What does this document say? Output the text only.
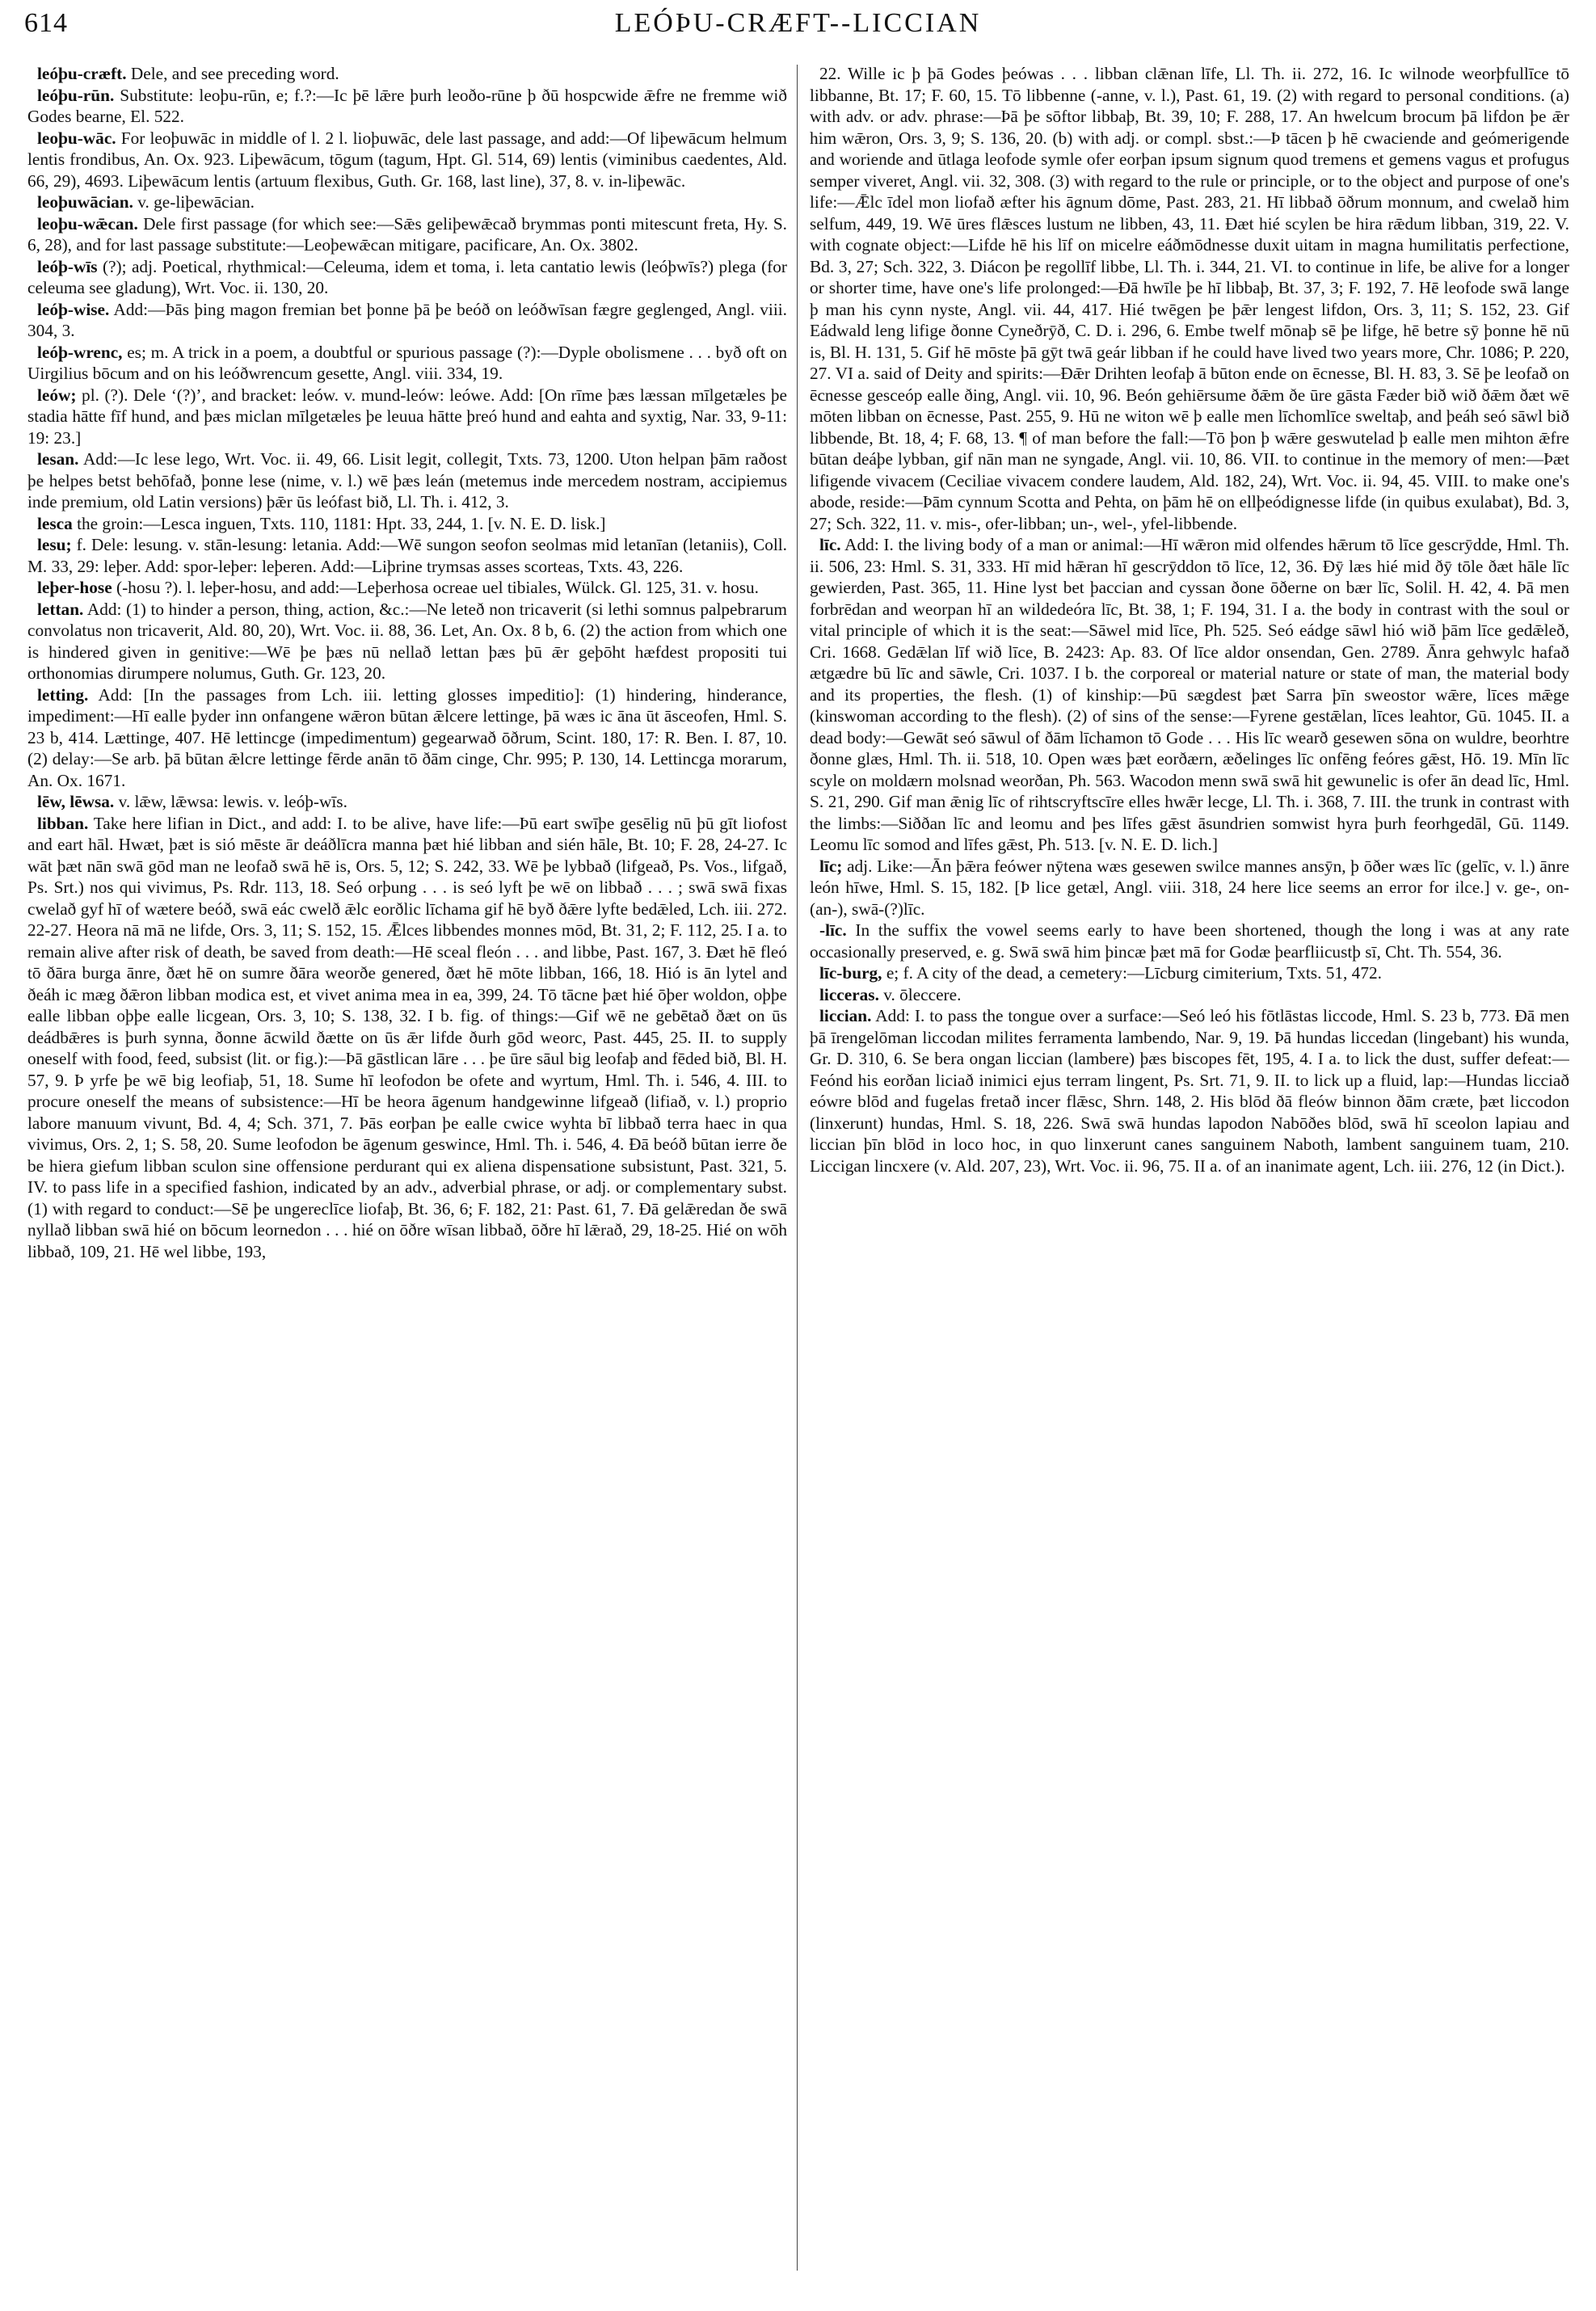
614	LEÓÞU-CRÆFT--LICCIAN

leóþu-cræft. Dele, and see preceding word.

leóþu-rūn. Substitute: leoþu-rūn, e; f.?:—Ic þē lǣre þurh leoðo-rūne þ ðū hospcwide ǣfre ne fremme wið Godes bearne, El. 522.

leoþu-wāc. For leoþuwāc in middle of l. 2 l. lioþuwāc, dele last passage, and add:—Of liþewācum helmum lentis frondibus, An. Ox. 923. Liþewācum, tōgum (tagum, Hpt. Gl. 514, 69) lentis (viminibus caedentes, Ald. 66, 29), 4693. Liþewācum lentis (artuum flexibus, Guth. Gr. 168, last line), 37, 8. v. in-liþewāc.

leoþuwācian. v. ge-liþewācian.

leoþu-wǣcan. Dele first passage (for which see:—Sǣs geliþewǣcað brymmas ponti mitescunt freta, Hy. S. 6, 28), and for last passage substitute:—Leoþewǣcan mitigare, pacificare, An. Ox. 3802.

leóþ-wīs (?); adj. Poetical, rhythmical:—Celeuma, idem et toma, i. leta cantatio lewis (leóþwīs?) plega (for celeuma see gladung), Wrt. Voc. ii. 130, 20.

leóþ-wise. Add:—Þās þing magon fremian bet þonne þā þe beóð on leóðwīsan fægre geglenged, Angl. viii. 304, 3.

leóþ-wrenc, es; m. A trick in a poem, a doubtful or spurious passage (?):—Dyple obolismene . . . byð oft on Uirgilius bōcum and on his leóðwrencum gesette, Angl. viii. 334, 19.

leów; pl. (?). Dele ‘(?)’, and bracket: leów. v. mund-leów: leówe. Add: [On rīme þæs læssan mīlgetæles þe stadia hātte fīf hund, and þæs miclan mīlgetæles þe leuua hātte þreó hund and eahta and syxtig, Nar. 33, 9-11: 19: 23.]

lesan. Add:—Ic lese lego, Wrt. Voc. ii. 49, 66. Lisit legit, collegit, Txts. 73, 1200. Uton helpan þām raðost þe helpes betst behōfað, þonne lese (nime, v. l.) wē þæs leán (metemus inde mercedem nostram, accipiemus inde premium, old Latin versions) þǣr ūs leófast bið, Ll. Th. i. 412, 3.

lesca the groin:—Lesca inguen, Txts. 110, 1181: Hpt. 33, 244, 1. [v. N. E. D. lisk.]

lesu; f. Dele: lesung. v. stān-lesung: letania. Add:—Wē sungon seofon seolmas mid letanīan (letaniis), Coll. M. 33, 29: leþer. Add: spor-leþer: leþeren. Add:—Liþrine trymsas asses scorteas, Txts. 43, 226.

leþer-hose (-hosu ?). l. leþer-hosu, and add:—Leþerhosa ocreae uel tibiales, Wülck. Gl. 125, 31. v. hosu.

lettan. Add: (1) to hinder a person, thing, action, &c.:—Ne leteð non tricaverit (si lethi somnus palpebrarum convolatus non tricaverit, Ald. 80, 20), Wrt. Voc. ii. 88, 36. Let, An. Ox. 8 b, 6. (2) the action from which one is hindered given in genitive:—Wē þe þæs nū nellað lettan þæs þū ǣr geþōht hæfdest propositi tui orthonomias dirumpere nolumus, Guth. Gr. 123, 20.

letting. Add: [In the passages from Lch. iii. letting glosses impeditio]: (1) hindering, hinderance, impediment:—Hī ealle þyder inn onfangene wǣron būtan ǣlcere lettinge, þā wæs ic āna ūt āsceofen, Hml. S. 23 b, 414. Lættinge, 407. Hē lettincge (impedimentum) gegearwað ōðrum, Scint. 180, 17: R. Ben. I. 87, 10. (2) delay:—Se arb. þā būtan ǣlcre lettinge fērde anān tō ðām cinge, Chr. 995; P. 130, 14. Lettincga morarum, An. Ox. 1671.

lēw, lēwsa. v. lǣw, lǣwsa: lewis. v. leóþ-wīs.

libban. Take here lifian in Dict., and add: I. to be alive, have life:—Þū eart swīþe gesēlig nū þū gīt liofost and eart hāl. Hwæt, þæt is sió mēste ār deáðlīcra manna þæt hié libban and sién hāle, Bt. 10; F. 28, 24-27. Ic wāt þæt nān swā gōd man ne leofað swā hē is, Ors. 5, 12; S. 242, 33. Wē þe lybbað (lifgeað, Ps. Vos., lifgað, Ps. Srt.) nos qui vivimus, Ps. Rdr. 113, 18. Seó orþung . . . is seó lyft þe wē on libbað . . . ; swā swā fixas cwelað gyf hī of wætere beóð, swā eác cwelð ǣlc eorðlic līchama gif hē byð ðǣre lyfte bedǣled, Lch. iii. 272. 22-27. Heora nā mā ne lifde, Ors. 3, 11; S. 152, 15. Ǣlces libbendes monnes mōd, Bt. 31, 2; F. 112, 25. I a. to remain alive after risk of death, be saved from death:—Hē sceal fleón . . . and libbe, Past. 167, 3. Ðæt hē fleó tō ðāra burga ānre, ðæt hē on sumre ðāra weorðe genered, ðæt hē mōte libban, 166, 18. Hió is ān lytel and ðeáh ic mæg ðǣron libban modica est, et vivet anima mea in ea, 399, 24. Tō tācne þæt hié ōþer woldon, oþþe ealle libban oþþe ealle licgean, Ors. 3, 10; S. 138, 32. I b. fig. of things:—Gif wē ne gebētað ðæt on ūs deádbǣres is þurh synna, ðonne ācwild ðætte on ūs ǣr lifde ðurh gōd weorc, Past. 445, 25. II. to supply oneself with food, feed, subsist (lit. or fig.):—Þā gāstlican lāre . . . þe ūre sāul big leofaþ and fēded bið, Bl. H. 57, 9. Þ yrfe þe wē big leofiaþ, 51, 18. Sume hī leofodon be ofete and wyrtum, Hml. Th. i. 546, 4. III. to procure oneself the means of subsistence:—Hī be heora āgenum handgewinne lifgeað (lifiað, v. l.) proprio labore manuum vivunt, Bd. 4, 4; Sch. 371, 7. Þās eorþan þe ealle cwice wyhta bī libbað terra haec in qua vivimus, Ors. 2, 1; S. 58, 20. Sume leofodon be āgenum geswince, Hml. Th. i. 546, 4. Ðā beóð būtan ierre ðe be hiera giefum libban sculon sine offensione perdurant qui ex aliena dispensatione subsistunt, Past. 321, 5. IV. to pass life in a specified fashion, indicated by an adv., adverbial phrase, or adj. or complementary subst. (1) with regard to conduct:—Sē þe ungereclīce liofaþ, Bt. 36, 6; F. 182, 21: Past. 61, 7. Ðā gelǣredan ðe swā nyllað libban swā hié on bōcum leornedon . . . hié on ōðre wīsan libbað, ōðre hī lǣrað, 29, 18-25. Hié on wōh libbað, 109, 21. Hē wel libbe, 193,

22. Wille ic þ þā Godes þeówas . . . libban clǣnan līfe, Ll. Th. ii. 272, 16. Ic wilnode weorþfullīce tō libbanne, Bt. 17; F. 60, 15. Tō libbenne (-anne, v. l.), Past. 61, 19. (2) with regard to personal conditions. (a) with adv. or adv. phrase:—Þā þe sōftor libbaþ, Bt. 39, 10; F. 288, 17. An hwelcum brocum þā lifdon þe ǣr him wǣron, Ors. 3, 9; S. 136, 20. (b) with adj. or compl. sbst.:—Þ tācen þ hē cwaciende and geómerigende and woriende and ūtlaga leofode symle ofer eorþan ipsum signum quod tremens et gemens vagus et profugus semper viveret, Angl. vii. 32, 308. (3) with regard to the rule or principle, or to the object and purpose of one's life:—Ǣlc īdel mon liofað æfter his āgnum dōme, Past. 283, 21. Hī libbað ōðrum monnum, and cwelað him selfum, 449, 19. Wē ūres flǣsces lustum ne libben, 43, 11. Ðæt hié scylen be hira rǣdum libban, 319, 22. V. with cognate object:—Lifde hē his līf on micelre eáðmōdnesse duxit uitam in magna humilitatis perfectione, Bd. 3, 27; Sch. 322, 3. Diácon þe regollīf libbe, Ll. Th. i. 344, 21. VI. to continue in life, be alive for a longer or shorter time, have one's life prolonged:—Ðā hwīle þe hī libbaþ, Bt. 37, 3; F. 192, 7. Hē leofode swā lange þ man his cynn nyste, Angl. vii. 44, 417. Hié twēgen þe þǣr lengest lifdon, Ors. 3, 11; S. 152, 23. Gif Eádwald leng lifige ðonne Cyneðrȳð, C. D. i. 296, 6. Embe twelf mōnaþ sē þe lifge, hē betre sȳ þonne hē nū is, Bl. H. 131, 5. Gif hē mōste þā gȳt twā geár libban if he could have lived two years more, Chr. 1086; P. 220, 27. VI a. said of Deity and spirits:—Ðǣr Drihten leofaþ ā būton ende on ēcnesse, Bl. H. 83, 3. Sē þe leofað on ēcnesse gesceóp ealle ðing, Angl. vii. 10, 96. Beón gehiērsume ðǣm ðe ūre gāsta Fæder bið wið ðǣm ðæt wē mōten libban on ēcnesse, Past. 255, 9. Hū ne witon wē þ ealle men līchomlīce sweltaþ, and þeáh seó sāwl bið libbende, Bt. 18, 4; F. 68, 13. ¶ of man before the fall:—Tō þon þ wǣre geswutelad þ ealle men mihton ǣfre būtan deáþe lybban, gif nān man ne syngade, Angl. vii. 10, 86. VII. to continue in the memory of men:—Þæt lifigende vivacem (Ceciliae vivacem condere laudem, Ald. 182, 24), Wrt. Voc. ii. 94, 45. VIII. to make one's abode, reside:—Þām cynnum Scotta and Pehta, on þām hē on ellþeódignesse lifde (in quibus exulabat), Bd. 3, 27; Sch. 322, 11. v. mis-, ofer-libban; un-, wel-, yfel-libbende.

līc. Add: I. the living body of a man or animal:—Hī wǣron mid olfendes hǣrum tō līce gescrȳdde, Hml. Th. ii. 506, 23: Hml. S. 31, 333. Hī mid hǣran hī gescrȳddon tō līce, 12, 36. Ðȳ læs hié mid ðȳ tōle ðæt hāle līc gewierden, Past. 365, 11. Hine lyst bet þaccian and cyssan ðone ōðerne on bær līc, Solil. H. 42, 4. Þā men forbrēdan and weorpan hī an wildedeóra līc, Bt. 38, 1; F. 194, 31. I a. the body in contrast with the soul or vital principle of which it is the seat:—Sāwel mid līce, Ph. 525. Seó eádge sāwl hió wið þām līce gedǣleð, Cri. 1668. Gedǣlan līf wið līce, B. 2423: Ap. 83. Of līce aldor onsendan, Gen. 2789. Ānra gehwylc hafað ætgædre bū līc and sāwle, Cri. 1037. I b. the corporeal or material nature or state of man, the material body and its properties, the flesh. (1) of kinship:—Þū sægdest þæt Sarra þīn sweostor wǣre, līces mǣge (kinswoman according to the flesh). (2) of sins of the sense:—Fyrene gestǣlan, līces leahtor, Gū. 1045. II. a dead body:—Gewāt seó sāwul of ðām līchamon tō Gode . . . His līc wearð gesewen sōna on wuldre, beorhtre ðonne glæs, Hml. Th. ii. 518, 10. Open wæs þæt eorðærn, æðelinges līc onfēng feóres gǣst, Hō. 19. Mīn līc scyle on moldærn molsnad weorðan, Ph. 563. Wacodon menn swā swā hit gewunelic is ofer ān dead līc, Hml. S. 21, 290. Gif man ǣnig līc of rihtscryftscīre elles hwǣr lecge, Ll. Th. i. 368, 7. III. the trunk in contrast with the limbs:—Siððan līc and leomu and þes līfes gǣst āsundrien somwist hyra þurh feorhgedāl, Gū. 1149. Leomu līc somod and līfes gǣst, Ph. 513. [v. N. E. D. lich.]

līc; adj. Like:—Ān þǣra feówer nȳtena wæs gesewen swilce mannes ansȳn, þ ōðer wæs līc (gelīc, v. l.) ānre león hīwe, Hml. S. 15, 182. [Þ lice getæl, Angl. viii. 318, 24 here lice seems an error for ilce.] v. ge-, on- (an-), swā-(?)līc.

-līc. In the suffix the vowel seems early to have been shortened, though the long i was at any rate occasionally preserved, e. g. Swā swā him þincæ þæt mā for Godæ þearfliicustþ sī, Cht. Th. 554, 36.

līc-burg, e; f. A city of the dead, a cemetery:—Līcburg cimiterium, Txts. 51, 472.

licceras. v. ōleccere.

liccian. Add: I. to pass the tongue over a surface:—Seó leó his fōtlāstas liccode, Hml. S. 23 b, 773. Ðā men þā īrengelōman liccodan milites ferramenta lambendo, Nar. 9, 19. Þā hundas liccedan (lingebant) his wunda, Gr. D. 310, 6. Se bera ongan liccian (lambere) þæs biscopes fēt, 195, 4. I a. to lick the dust, suffer defeat:—Feónd his eorðan liciað inimici ejus terram lingent, Ps. Srt. 71, 9. II. to lick up a fluid, lap:—Hundas licciað eówre blōd and fugelas fretað incer flǣsc, Shrn. 148, 2. His blōd ðā fleów binnon ðām cræte, þæt liccodon (linxerunt) hundas, Hml. S. 18, 226. Swā swā hundas lapodon Nabōðes blōd, swā hī sceolon lapiau and liccian þīn blōd in loco hoc, in quo linxerunt canes sanguinem Naboth, lambent sanguinem tuam, 210. Liccigan lincxere (v. Ald. 207, 23), Wrt. Voc. ii. 96, 75. II a. of an inanimate agent, Lch. iii. 276, 12 (in Dict.).
